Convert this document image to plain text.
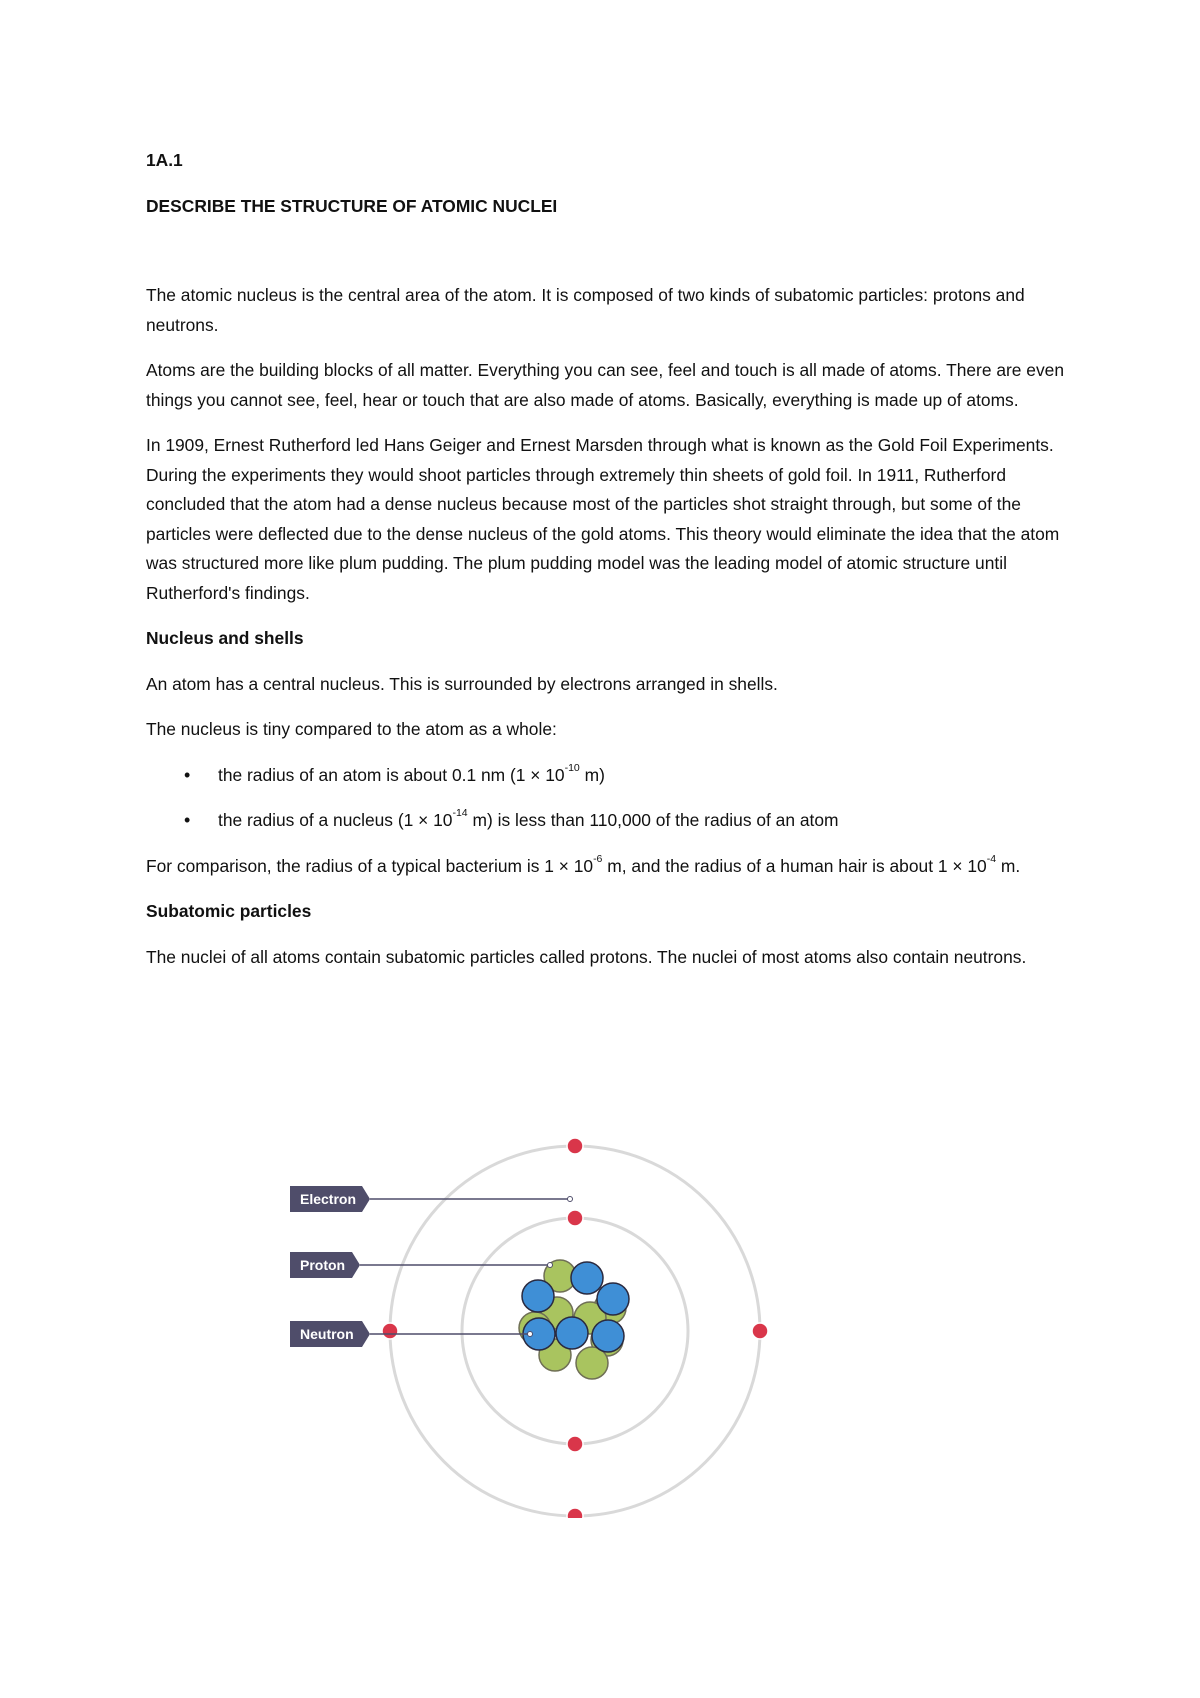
1A.1

DESCRIBE THE STRUCTURE OF ATOMIC NUCLEI

The atomic nucleus is the central area of the atom. It is composed of two kinds of subatomic particles: protons and neutrons.

Atoms are the building blocks of all matter. Everything you can see, feel and touch is all made of atoms. There are even things you cannot see, feel, hear or touch that are also made of atoms. Basically, everything is made up of atoms.

In 1909, Ernest Rutherford led Hans Geiger and Ernest Marsden through what is known as the Gold Foil Experiments. During the experiments they would shoot particles through extremely thin sheets of gold foil. In 1911, Rutherford concluded that the atom had a dense nucleus because most of the particles shot straight through, but some of the particles were deflected due to the dense nucleus of the gold atoms. This theory would eliminate the idea that the atom was structured more like plum pudding. The plum pudding model was the leading model of atomic structure until Rutherford's findings.

Nucleus and shells

An atom has a central nucleus. This is surrounded by electrons arranged in shells.

The nucleus is tiny compared to the atom as a whole:

• the radius of an atom is about 0.1 nm ($1 \times 10^{-10}$ m)
• the radius of a nucleus ($1 \times 10^{-14}$ m) is less than 110,000 of the radius of an atom

For comparison, the radius of a typical bacterium is $1 \times 10^{-6}$ m, and the radius of a human hair is about $1 \times 10^{-4}$ m.

Subatomic particles

The nuclei of all atoms contain subatomic particles called protons. The nuclei of most atoms also contain neutrons.

Electron
Proton
Neutron
